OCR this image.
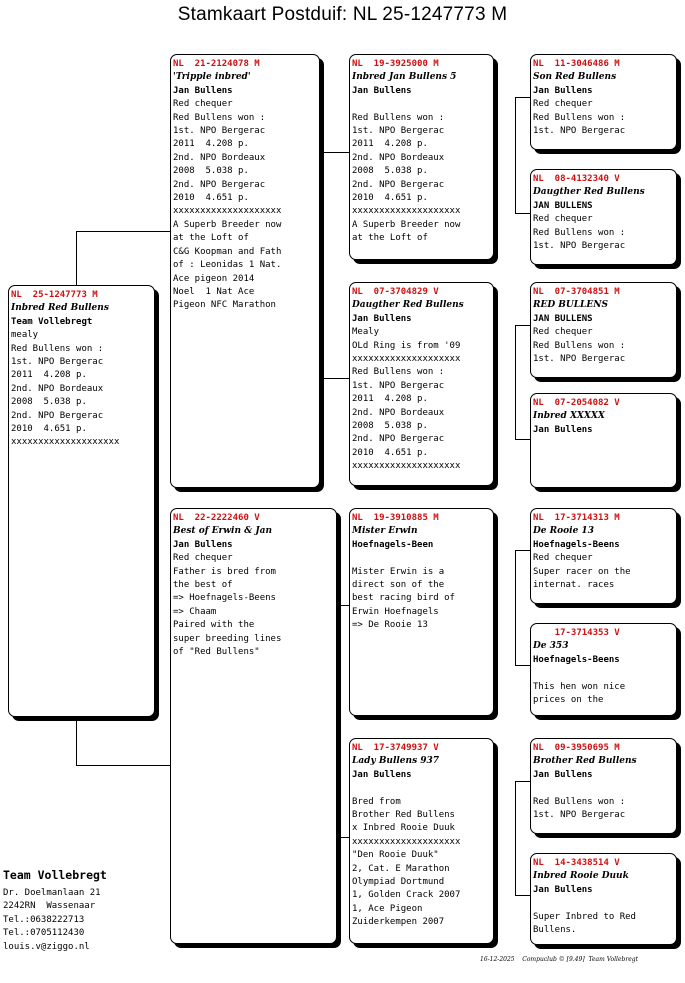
Stamkaart Postduif: NL 25-1247773 M
NL  25-1247773 M
Inbred Red Bullens
Team Vollebregt
mealy
Red Bullens won :
1st. NPO Bergerac
2011  4.208 p.
2nd. NPO Bordeaux
2008  5.038 p.
2nd. NPO Bergerac
2010  4.651 p.
xxxxxxxxxxxxxxxxxxxx
NL  21-2124078 M
'Tripple inbred'
Jan Bullens
Red chequer
Red Bullens won :
1st. NPO Bergerac
2011  4.208 p.
2nd. NPO Bordeaux
2008  5.038 p.
2nd. NPO Bergerac
2010  4.651 p.
xxxxxxxxxxxxxxxxxxxx
A Superb Breeder now
at the Loft of
C&G Koopman and Fath
of : Leonidas 1 Nat.
Ace pigeon 2014
Noel  1 Nat Ace
Pigeon NFC Marathon
NL  22-2222460 V
Best of Erwin & Jan
Jan Bullens
Red chequer
Father is bred from
the best of
=> Hoefnagels-Beens
=> Chaam
Paired with the
super breeding lines
of "Red Bullens"
NL  19-3925000 M
Inbred Jan Bullens 5
Jan Bullens
Red Bullens won :
1st. NPO Bergerac
2011  4.208 p.
2nd. NPO Bordeaux
2008  5.038 p.
2nd. NPO Bergerac
2010  4.651 p.
xxxxxxxxxxxxxxxxxxxx
A Superb Breeder now
at the Loft of
NL  07-3704829 V
Daugther Red Bullens
Jan Bullens
Mealy
OLd Ring is from '09
xxxxxxxxxxxxxxxxxxxx
Red Bullens won :
1st. NPO Bergerac
2011  4.208 p.
2nd. NPO Bordeaux
2008  5.038 p.
2nd. NPO Bergerac
2010  4.651 p.
xxxxxxxxxxxxxxxxxxxx
NL  19-3910885 M
Mister Erwin
Hoefnagels-Been
Mister Erwin is a
direct son of the
best racing bird of
Erwin Hoefnagels
=> De Rooie 13
NL  17-3749937 V
Lady Bullens 937
Jan Bullens
Bred from
Brother Red Bullens
x Inbred Rooie Duuk
xxxxxxxxxxxxxxxxxxxx
"Den Rooie Duuk"
2, Cat. E Marathon
Olympiad Dortmund
1, Golden Crack 2007
1, Ace Pigeon
Zuiderkempen 2007
NL  11-3046486 M
Son Red Bullens
Jan Bullens
Red chequer
Red Bullens won :
1st. NPO Bergerac
NL  08-4132340 V
Daugther Red Bullens
JAN BULLENS
Red chequer
Red Bullens won :
1st. NPO Bergerac
NL  07-3704851 M
RED BULLENS
JAN BULLENS
Red chequer
Red Bullens won :
1st. NPO Bergerac
NL  07-2054082 V
Inbred XXXXX
Jan Bullens
NL  17-3714313 M
De Rooie 13
Hoefnagels-Beens
Red chequer
Super racer on the
internat. races
17-3714353 V
De 353
Hoefnagels-Beens
This hen won nice
prices on the
NL  09-3950695 M
Brother Red Bullens
Jan Bullens
Red Bullens won :
1st. NPO Bergerac
NL  14-3438514 V
Inbred Rooie Duuk
Jan Bullens
Super Inbred to Red
Bullens.
Team Vollebregt
Dr. Doelmanlaan 21
2242RN  Wassenaar
Tel.:0638222713
Tel.:0705112430
louis.v@ziggo.nl
16-12-2025    Compuclub © [9.49]  Team Vollebregt
